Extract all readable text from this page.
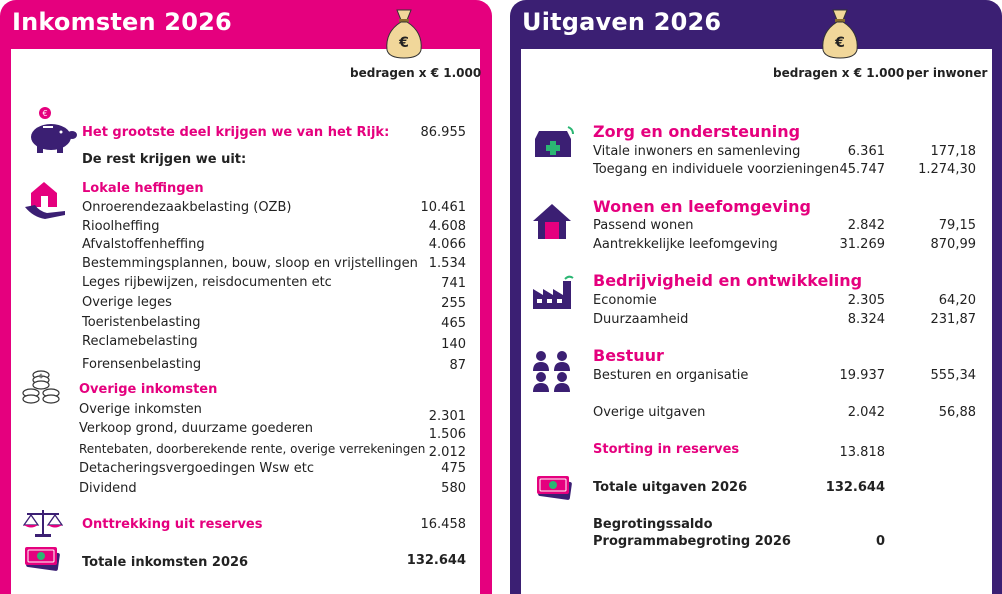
Inkomsten 2026
bedragen x € 1.000
€
Het grootste deel krijgen we van het Rijk:	86.955
De rest krijgen we uit:
Lokale heffingen
Onroerendezaakbelasting (OZB)	10.461
Rioolheffing	4.608
Afvalstoffenheffing	4.066
Bestemmingsplannen, bouw, sloop en vrijstellingen 1.534
Leges rijbewijzen, reisdocumenten etc	741
Overige leges	255
Toeristenbelasting	465
Reclamebelasting	140
Forensenbelasting	87
$
Overige inkomsten
Overige inkomsten	2.301
Verkoop grond, duurzame goederen	1.506
Rentebaten, doorberekende rente, overige verrekeningen 2.012
Detacheringsvergoedingen Wsw etc	475
Dividend	580
Onttrekking uit reserves	16.458
Totale inkomsten 2026	132.644
€
Uitgaven 2026
bedragen x € 1.000 per inwoner
Zorg en ondersteuning
Vitale inwoners en samenleving	6.361	177,18
Toegang en individuele voorzieningen 45.747	1.274,30
Wonen en leefomgeving
Passend wonen	2.842	79,15
Aantrekkelijke leefomgeving	31.269	870,99
Bedrijvigheid en ontwikkeling
Economie	2.305	64,20
Duurzaamheid	8.324	231,87
Bestuur
Besturen en organisatie	19.937	555,34
Overige uitgaven	2.042	56,88
Storting in reserves	13.818
Totale uitgaven 2026	132.644
Begrotingssaldo
Programmabegroting 2026	0
€
